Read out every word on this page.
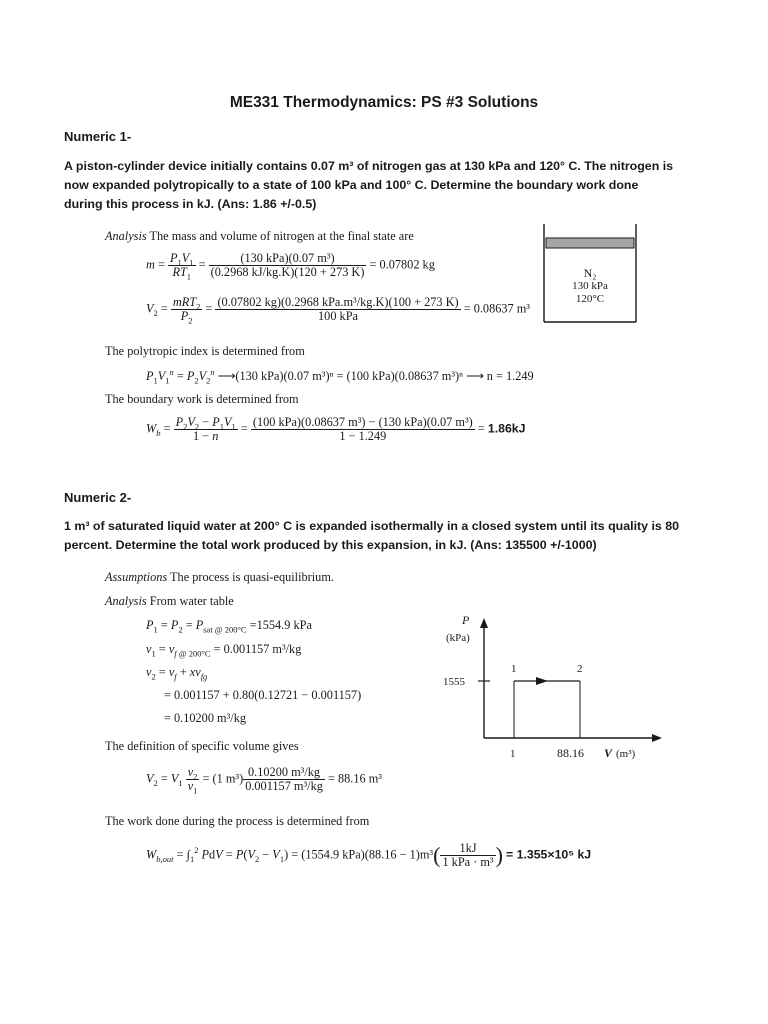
ME331 Thermodynamics: PS #3 Solutions
Numeric 1-
A piston-cylinder device initially contains 0.07 m³ of nitrogen gas at 130 kPa and 120° C. The nitrogen is
now expanded polytropically to a state of 100 kPa and 100° C. Determine the boundary work done
during this process in kJ. (Ans: 1.86 +/-0.5)
Analysis The mass and volume of nitrogen at the final state are
$m = \frac{P_1V_1}{RT_1} = \frac{\text{(130 kPa)(0.07 m³)}}{(0.2968 kJ/kg.K)(120 + 273 K)} = 0.07802$ kg
$V_2 = \frac{mRT_2}{P_2} = \frac{\text{(0.07802 kg)(0.2968 kPa.m³/kg.K)(100 + 273 K)}}{\text{100 kPa}} = 0.08637$ m³
The polytropic index is determined from
$P_1V_1^n = P_2V_2^n$ ⟶(130 kPa)(0.07 m³)ⁿ = (100 kPa)(0.08637 m³)ⁿ ⟶ n = 1.249
The boundary work is determined from
$W_b = \frac{P_2V_2 - P_1V_1}{1 - n} = \frac{\text{(100 kPa)(0.08637 m³) − (130 kPa)(0.07 m³)}}{1 - 1.249} = 1.86kJ$
N₂
130 kPa
120°C
Numeric 2-
1 m³ of saturated liquid water at 200° C is expanded isothermally in a closed system until its quality is 80
percent. Determine the total work produced by this expansion, in kJ. (Ans: 135500 +/-1000)
Assumptions The process is quasi-equilibrium.
Analysis From water table
$P_1 = P_2 = P_{sat @ 200^\circ C} =1554.9$ kPa
$v_1 = v_{f @ 200^\circ C} = 0.001157$ m³/kg
$v_2 = v_f + xv_{fg}$
= 0.001157 + 0.80(0.12721 − 0.001157)
= 0.10200 m³/kg
The definition of specific volume gives
$V_2 = V_1 \frac{v_2}{v_1} = (1$ $m^3) \frac{\text{0.10200 m³/kg}}{\text{0.001157 m³/kg}} = 88.16$ m³
The work done during the process is determined from
$W_{b,out} = \int_1^2$ PdV = $P(V_2 - V_1) = (1554.9$ $kPa)(88.16 - 1)m^3( \frac{1kJ}{\text{1 kPa · m³}}$ ) = 1.355×10⁵ kJ
P
(kPa)
1555
1	2
1	88.16 V (m³)
